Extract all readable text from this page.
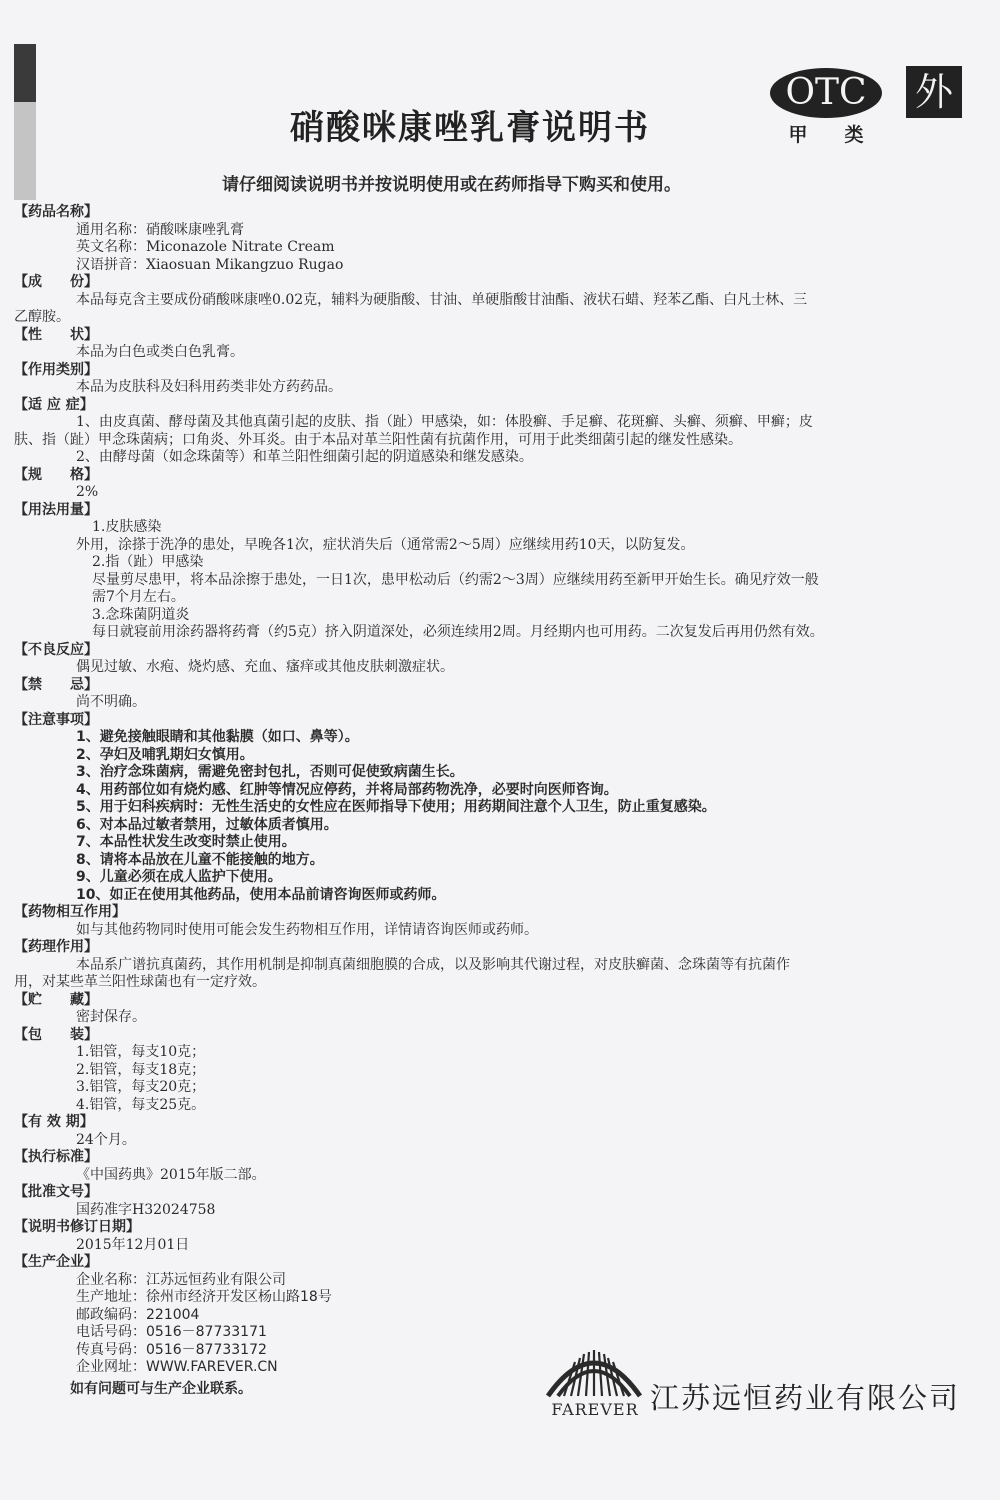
硝酸咪康唑乳膏说明书
OTC
甲 类
外
请仔细阅读说明书并按说明使用或在药师指导下购买和使用。
【药品名称】
通用名称：硝酸咪康唑乳膏
英文名称：Miconazole Nitrate Cream
汉语拼音：Xiaosuan Mikangzuo Rugao
【成　　份】
本品每克含主要成份硝酸咪康唑0.02克，辅料为硬脂酸、甘油、单硬脂酸甘油酯、液状石蜡、羟苯乙酯、白凡士林、三
乙醇胺。
【性　　状】
本品为白色或类白色乳膏。
【作用类别】
本品为皮肤科及妇科用药类非处方药药品。
【适 应 症】
1、由皮真菌、酵母菌及其他真菌引起的皮肤、指（趾）甲感染，如：体股癣、手足癣、花斑癣、头癣、须癣、甲癣；皮
肤、指（趾）甲念珠菌病；口角炎、外耳炎。由于本品对革兰阳性菌有抗菌作用，可用于此类细菌引起的继发性感染。
2、由酵母菌（如念珠菌等）和革兰阳性细菌引起的阴道感染和继发感染。
【规　　格】
2%
【用法用量】
1.皮肤感染
外用，涂搽于洗净的患处，早晚各1次，症状消失后（通常需2～5周）应继续用药10天，以防复发。
2.指（趾）甲感染
尽量剪尽患甲，将本品涂擦于患处，一日1次，患甲松动后（约需2～3周）应继续用药至新甲开始生长。确见疗效一般
需7个月左右。
3.念珠菌阴道炎
每日就寝前用涂药器将药膏（约5克）挤入阴道深处，必须连续用2周。月经期内也可用药。二次复发后再用仍然有效。
【不良反应】
偶见过敏、水疱、烧灼感、充血、瘙痒或其他皮肤刺激症状。
【禁　　忌】
尚不明确。
【注意事项】
1、避免接触眼睛和其他黏膜（如口、鼻等）。
2、孕妇及哺乳期妇女慎用。
3、治疗念珠菌病，需避免密封包扎，否则可促使致病菌生长。
4、用药部位如有烧灼感、红肿等情况应停药，并将局部药物洗净，必要时向医师咨询。
5、用于妇科疾病时：无性生活史的女性应在医师指导下使用；用药期间注意个人卫生，防止重复感染。
6、对本品过敏者禁用，过敏体质者慎用。
7、本品性状发生改变时禁止使用。
8、请将本品放在儿童不能接触的地方。
9、儿童必须在成人监护下使用。
10、如正在使用其他药品，使用本品前请咨询医师或药师。
【药物相互作用】
如与其他药物同时使用可能会发生药物相互作用，详情请咨询医师或药师。
【药理作用】
本品系广谱抗真菌药，其作用机制是抑制真菌细胞膜的合成，以及影响其代谢过程，对皮肤癣菌、念珠菌等有抗菌作
用，对某些革兰阳性球菌也有一定疗效。
【贮　　藏】
密封保存。
【包　　装】
1.铝管，每支10克；
2.铝管，每支18克；
3.铝管，每支20克；
4.铝管，每支25克。
【有 效 期】
24个月。
【执行标准】
《中国药典》2015年版二部。
【批准文号】
国药准字H32024758
【说明书修订日期】
2015年12月01日
【生产企业】
企业名称：江苏远恒药业有限公司
生产地址：徐州市经济开发区杨山路18号
邮政编码：221004
电话号码：0516－87733171
传真号码：0516－87733172
企业网址：WWW.FAREVER.CN
如有问题可与生产企业联系。
FAREVER 江苏远恒药业有限公司
